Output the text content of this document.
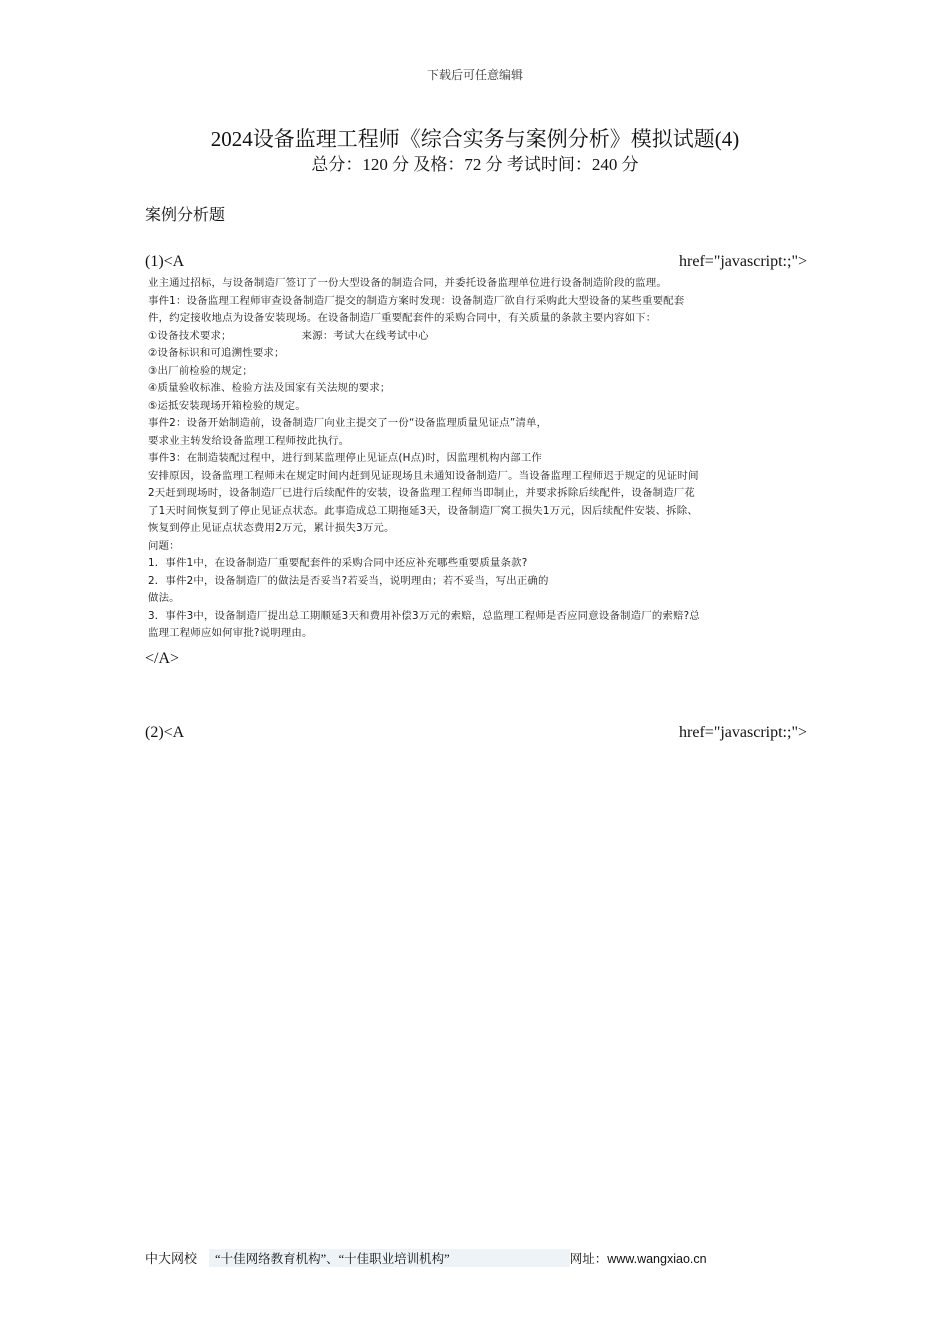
下载后可任意编辑
2024设备监理工程师《综合实务与案例分析》模拟试题(4)
总分：120 分 及格：72 分 考试时间：240 分
案例分析题
(1)<A	href="javascript:;">
业主通过招标，与设备制造厂签订了一份大型设备的制造合同，并委托设备监理单位进行设备制造阶段的监理。
事件1：设备监理工程师审查设备制造厂提交的制造方案时发现：设备制造厂欲自行采购此大型设备的某些重要配套
件，约定接收地点为设备安装现场。在设备制造厂重要配套件的采购合同中，有关质量的条款主要内容如下：
①设备技术要求；	来源：考试大在线考试中心
②设备标识和可追溯性要求；
③出厂前检验的规定；
④质量验收标准、检验方法及国家有关法规的要求；
⑤运抵安装现场开箱检验的规定。
事件2：设备开始制造前，设备制造厂向业主提交了一份“设备监理质量见证点”清单，
要求业主转发给设备监理工程师按此执行。
事件3：在制造装配过程中，进行到某监理停止见证点(H点)时，因监理机构内部工作
安排原因，设备监理工程师未在规定时间内赶到见证现场且未通知设备制造厂。当设备监理工程师迟于规定的见证时间
2天赶到现场时，设备制造厂已进行后续配件的安装，设备监理工程师当即制止，并要求拆除后续配件，设备制造厂花
了1天时间恢复到了停止见证点状态。此事造成总工期拖延3天，设备制造厂窝工损失1万元，因后续配件安装、拆除、
恢复到停止见证点状态费用2万元，累计损失3万元。
问题：
1．事件1中，在设备制造厂重要配套件的采购合同中还应补充哪些重要质量条款?
2．事件2中，设备制造厂的做法是否妥当?若妥当，说明理由；若不妥当，写出正确的
做法。
3．事件3中，设备制造厂提出总工期顺延3天和费用补偿3万元的索赔，总监理工程师是否应同意设备制造厂的索赔?总
监理工程师应如何审批?说明理由。
</A>
(2)<A	href="javascript:;">
中大网校	“十佳网络教育机构”、“十佳职业培训机构”	网址：www.wangxiao.cn
